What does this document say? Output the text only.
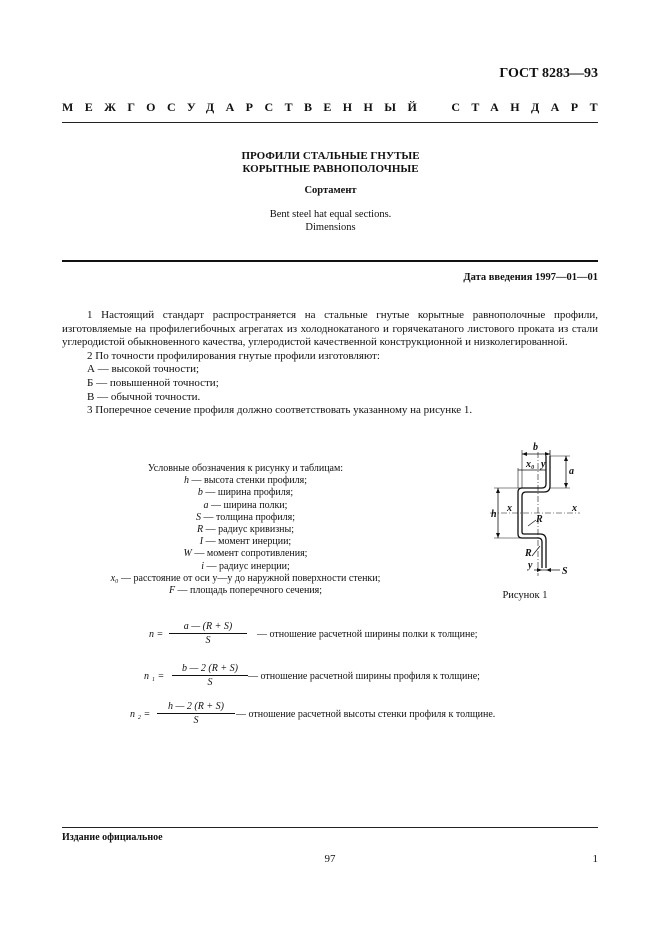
ГОСТ 8283—93
МЕЖГОСУДАРСТВЕННЫЙ СТАНДАРТ
ПРОФИЛИ СТАЛЬНЫЕ ГНУТЫЕ
КОРЫТНЫЕ РАВНОПОЛОЧНЫЕ
Сортамент
Bent steel hat equal sections.
Dimensions
Дата введения 1997—01—01

1 Настоящий стандарт распространяется на стальные гнутые корытные равнополочные профили, изготовляемые на профилегибочных агрегатах из холоднокатаного и горячекатаного листового проката из стали углеродистой обыкновенного качества, углеродистой качественной конструкционной и низколегированной.

2 По точности профилирования гнутые профили изготовляют:

А — высокой точности;

Б — повышенной точности;

В — обычной точности.

3 Поперечное сечение профиля должно соответствовать указанному на рисунке 1.

Условные обозначения к рисунку и таблицам:
h — высота стенки профиля;
b — ширина профиля;
a — ширина полки;
S — толщина профиля;
R — радиус кривизны;
I — момент инерции;
W — момент сопротивления;
i — радиус инерции;
x₀ — расстояние от оси y—y до наружной поверхности стенки;
F — площадь поперечного сечения;
b
x₀ y
a
h
x	x
R
R
y
S
Рисунок 1
$n = \frac{a — (R + S)}{S}$ — отношение расчетной ширины полки к толщине;
n $_1 = \frac{b — 2 (R + S)}{S}$ — отношение расчетной ширины профиля к толщине;
n $_2 = \frac{h — 2 (R + S)}{S}$ — отношение расчетной высоты стенки профиля к толщине.
Издание официальное
97	1
